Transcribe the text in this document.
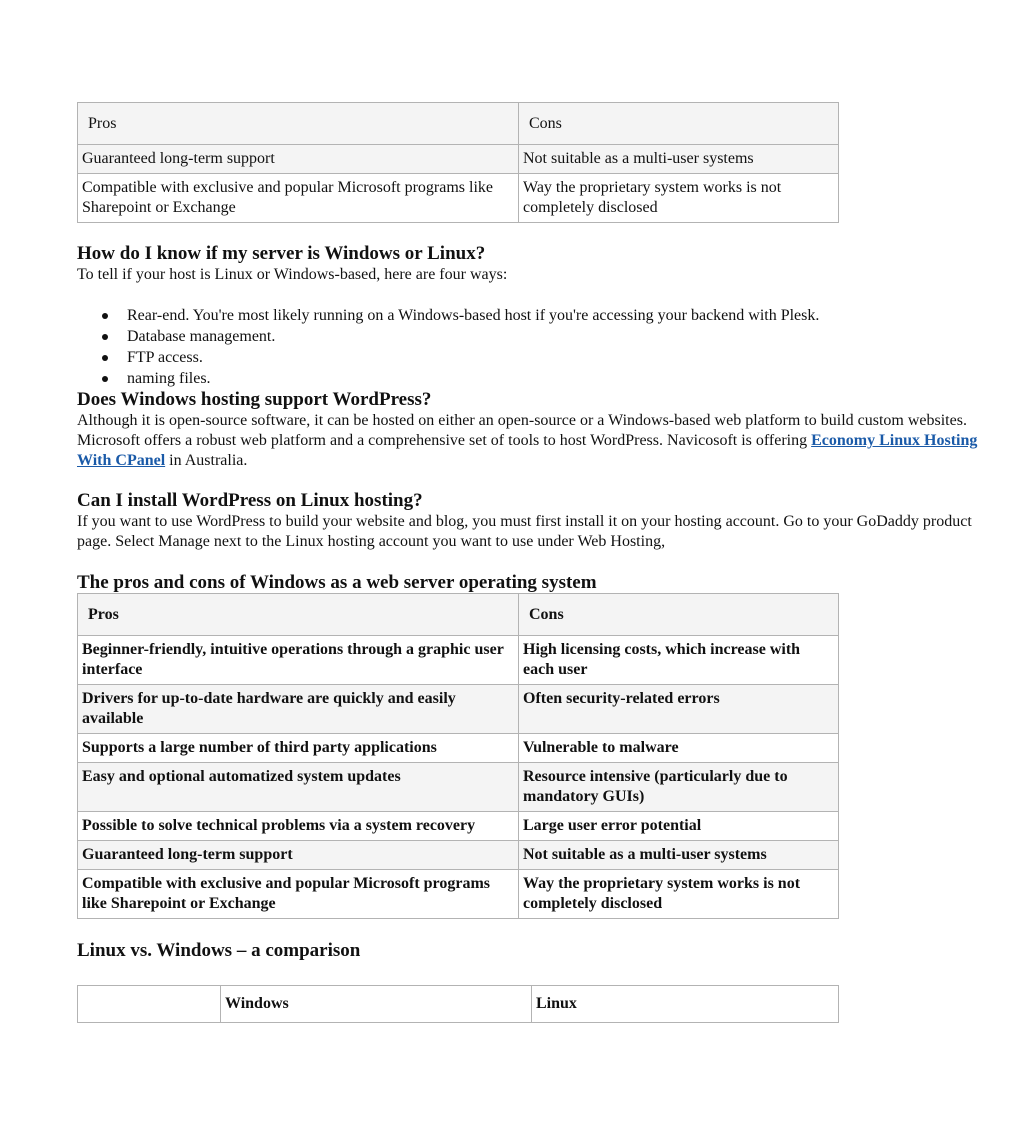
Pros	Cons
Guaranteed long-term support	Not suitable as a multi-user systems
Compatible with exclusive and popular Microsoft programs like Sharepoint or Exchange	Way the proprietary system works is not completely disclosed
How do I know if my server is Windows or Linux?

To tell if your host is Linux or Windows-based, here are four ways:

Rear-end. You're most likely running on a Windows-based host if you're accessing your backend with Plesk.
Database management.
FTP access.
naming files.
Does Windows hosting support WordPress?

Although it is open-source software, it can be hosted on either an open-source or a Windows-based web platform to build custom websites. Microsoft offers a robust web platform and a comprehensive set of tools to host WordPress. Navicosoft is offering Economy Linux Hosting With CPanel in Australia.

Can I install WordPress on Linux hosting?

If you want to use WordPress to build your website and blog, you must first install it on your hosting account. Go to your GoDaddy product page. Select Manage next to the Linux hosting account you want to use under Web Hosting,

The pros and cons of Windows as a web server operating system
Pros	Cons
Beginner-friendly, intuitive operations through a graphic user interface	High licensing costs, which increase with each user
Drivers for up-to-date hardware are quickly and easily available	Often security-related errors
Supports a large number of third party applications	Vulnerable to malware
Easy and optional automatized system updates	Resource intensive (particularly due to mandatory GUIs)
Possible to solve technical problems via a system recovery	Large user error potential
Guaranteed long-term support	Not suitable as a multi-user systems
Compatible with exclusive and popular Microsoft programs like Sharepoint or Exchange	Way the proprietary system works is not completely disclosed
Linux vs. Windows – a comparison
	Windows	Linux
